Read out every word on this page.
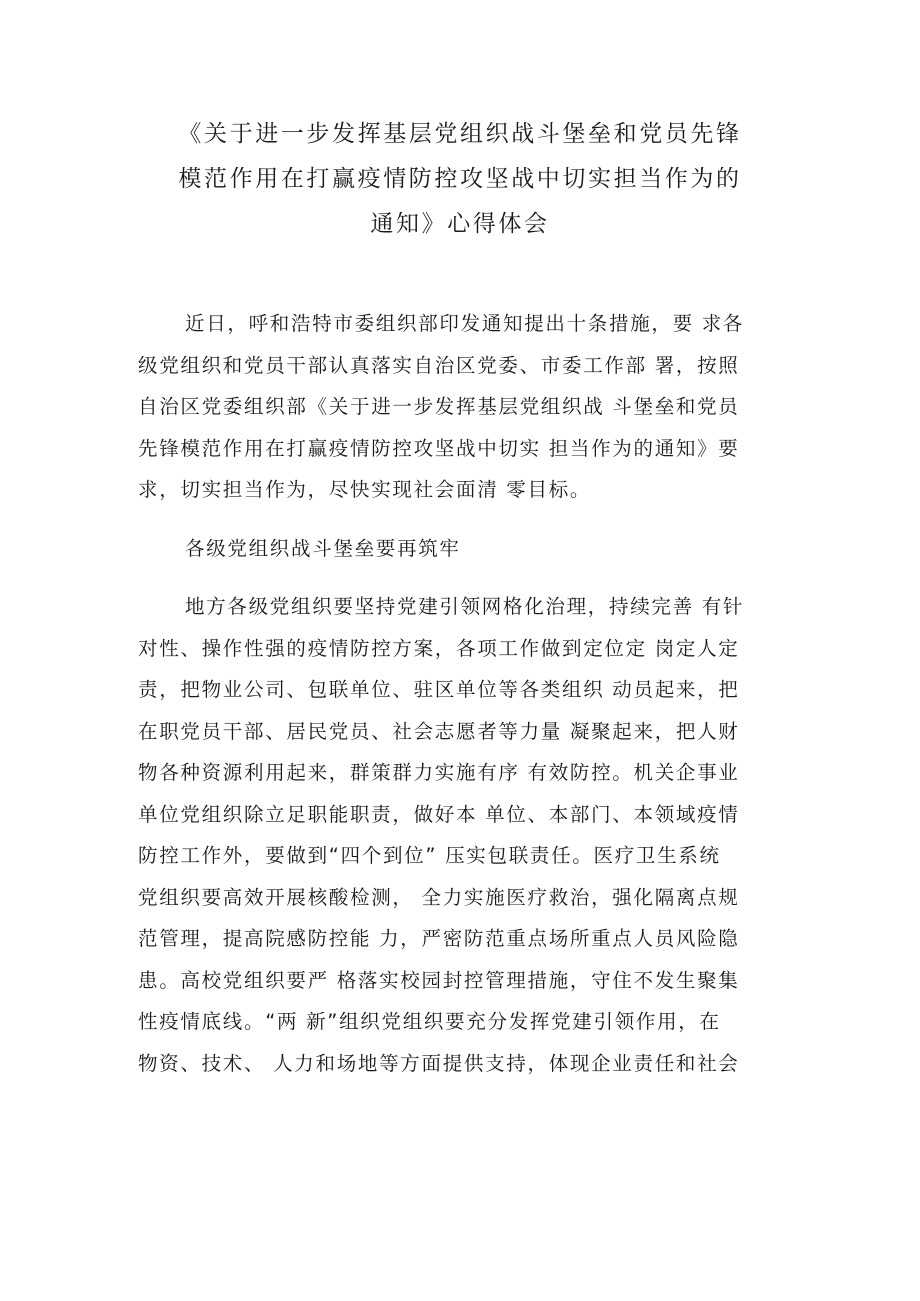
《关于进一步发挥基层党组织战斗堡垒和党员先锋
模范作用在打赢疫情防控攻坚战中切实担当作为的
通知》心得体会
近日，呼和浩特市委组织部印发通知提出十条措施，要 求各
级党组织和党员干部认真落实自治区党委、市委工作部 署，按照
自治区党委组织部《关于进一步发挥基层党组织战 斗堡垒和党员
先锋模范作用在打赢疫情防控攻坚战中切实 担当作为的通知》要
求，切实担当作为，尽快实现社会面清 零目标。
各级党组织战斗堡垒要再筑牢
地方各级党组织要坚持党建引领网格化治理，持续完善 有针
对性、操作性强的疫情防控方案，各项工作做到定位定 岗定人定
责，把物业公司、包联单位、驻区单位等各类组织 动员起来，把
在职党员干部、居民党员、社会志愿者等力量 凝聚起来，把人财
物各种资源利用起来，群策群力实施有序 有效防控。机关企事业
单位党组织除立足职能职责，做好本 单位、本部门、本领域疫情
防控工作外，要做到“四个到位” 压实包联责任。医疗卫生系统
党组织要高效开展核酸检测， 全力实施医疗救治，强化隔离点规
范管理，提高院感防控能 力，严密防范重点场所重点人员风险隐
患。高校党组织要严 格落实校园封控管理措施，守住不发生聚集
性疫情底线。“两 新”组织党组织要充分发挥党建引领作用，在
物资、技术、 人力和场地等方面提供支持，体现企业责任和社会
